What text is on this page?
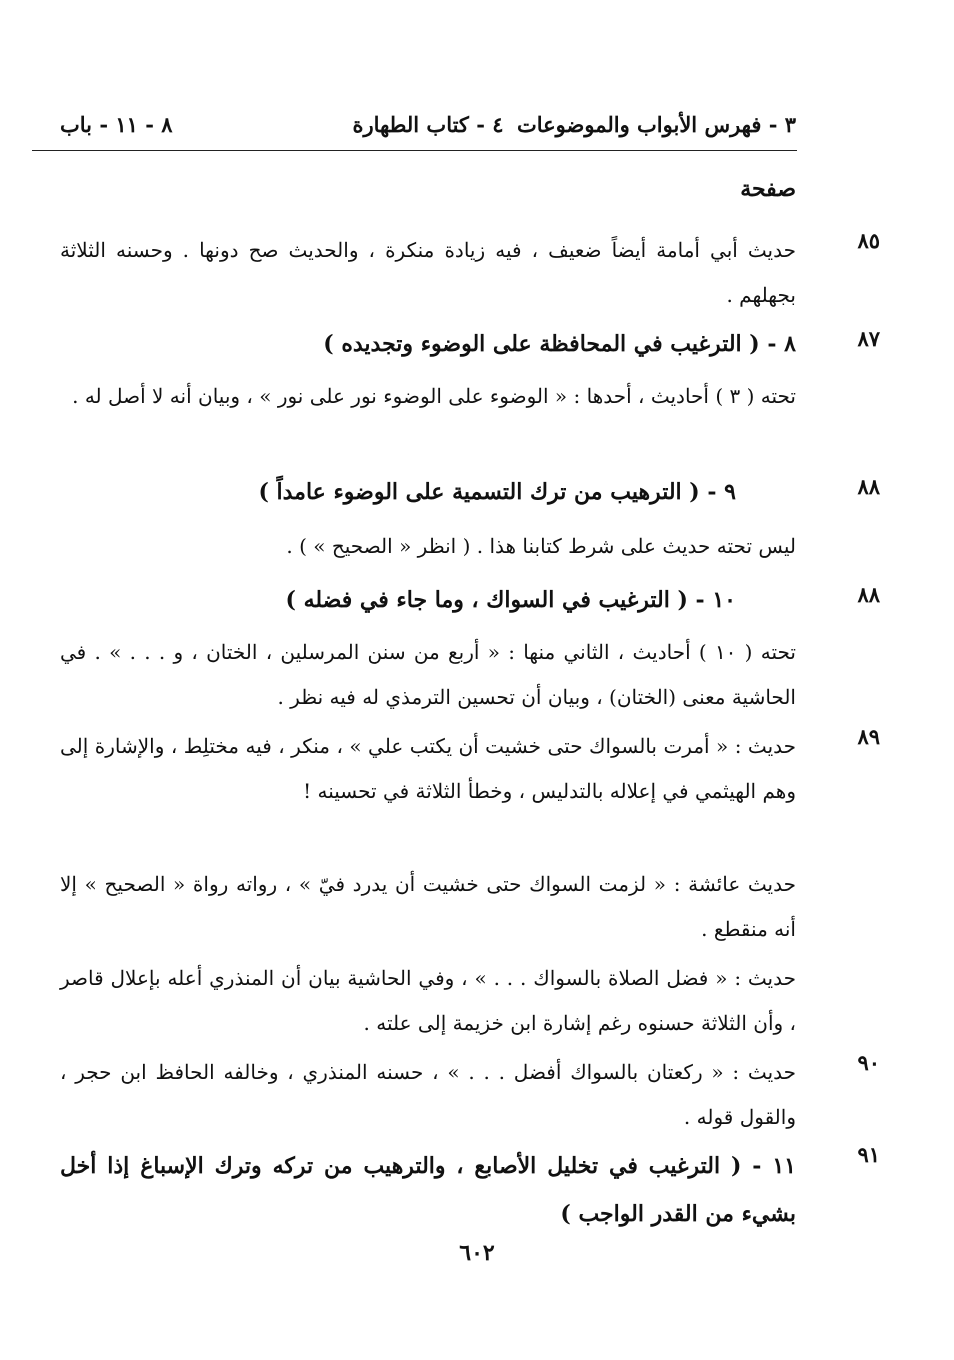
٣ - فهرس الأبواب والموضوعات
٤ - كتاب الطهارة
٨ - ١١ - باب
صفحة
٨٥

حديث أبي أمامة أيضاً ضعيف ، فيه زيادة منكرة ، والحديث صح دونها . وحسنه الثلاثة بجهلهم .

٨٧

٨ - ( الترغيب في المحافظة على الوضوء وتجديده )

تحته ( ٣ ) أحاديث ، أحدها : « الوضوء على الوضوء نور على نور » ، وبيان أنه لا أصل له .

٨٨

٩ - ( الترهيب من ترك التسمية على الوضوء عامداً )

ليس تحته حديث على شرط كتابنا هذا . ( انظر « الصحيح » ) .

٨٨

١٠ - ( الترغيب في السواك ، وما جاء في فضله )

تحته ( ١٠ ) أحاديث ، الثاني منها : « أربع من سنن المرسلين ، الختان ، و . . . » . في الحاشية معنى (الختان) ، وبيان أن تحسين الترمذي له فيه نظر .

٨٩

حديث : « أمرت بالسواك حتى خشيت أن يكتب علي » ، منكر ، فيه مختلِط ، والإشارة إلى وهم الهيثمي في إعلاله بالتدليس ، وخطأ الثلاثة في تحسينه !

حديث عائشة : « لزمت السواك حتى خشيت أن يدرد فيّ » ، رواته رواة « الصحيح » إلا أنه منقطع .

حديث : « فضل الصلاة بالسواك . . . » ، وفي الحاشية بيان أن المنذري أعله بإعلال قاصر ، وأن الثلاثة حسنوه رغم إشارة ابن خزيمة إلى علته .

٩٠

حديث : « ركعتان بالسواك أفضل . . . » ، حسنه المنذري ، وخالفه الحافظ ابن حجر ، والقول قوله .

٩١

١١ - ( الترغيب في تخليل الأصابع ، والترهيب من تركه وترك الإسباغ إذا أخل بشيء من القدر الواجب )

٦٠٢
